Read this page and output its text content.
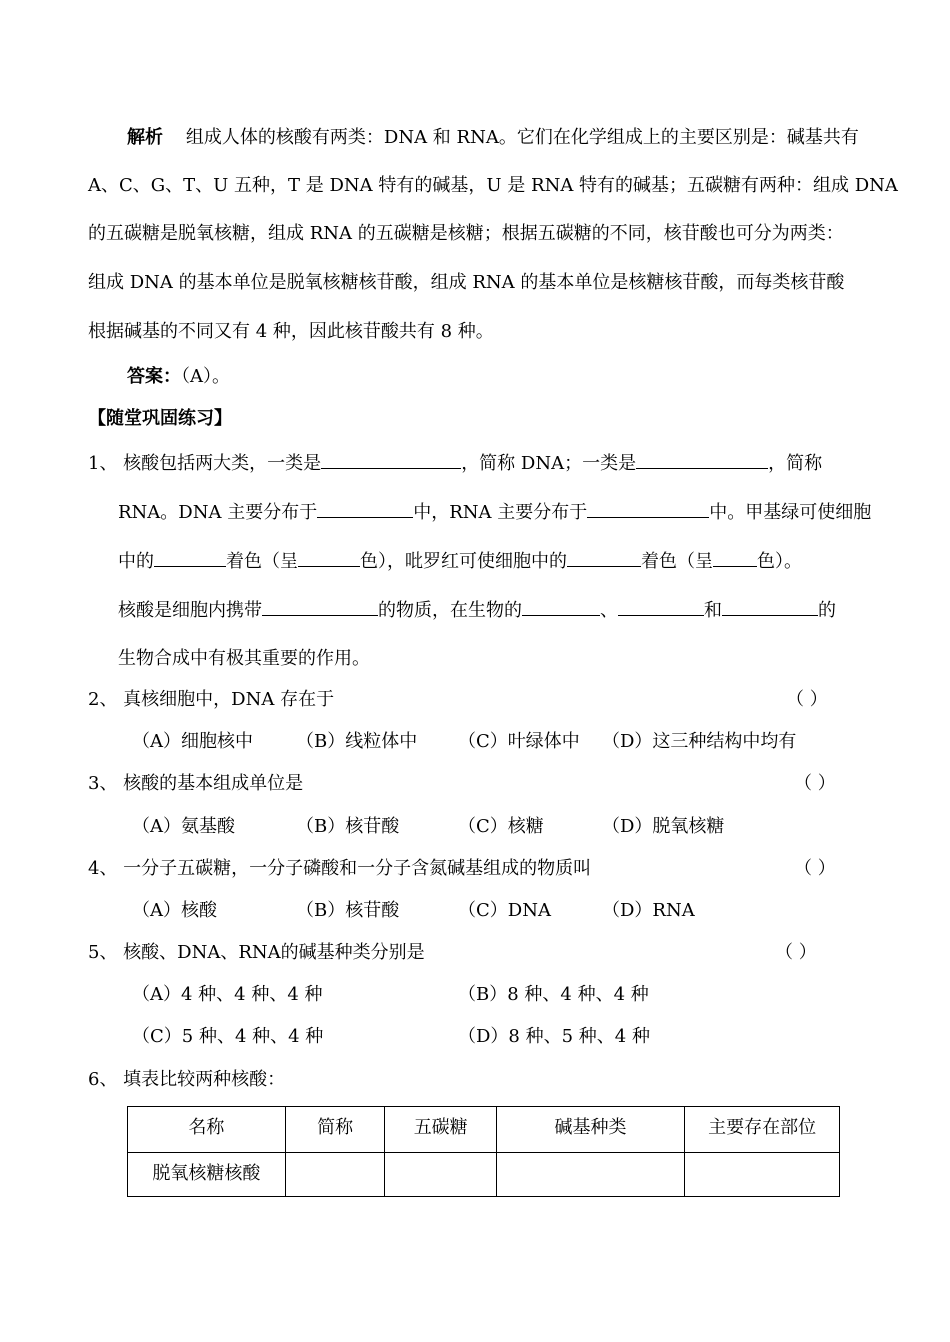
解析 组成人体的核酸有两类：DNA 和 RNA。它们在化学组成上的主要区别是：碱基共有
A、C、G、T、U 五种，T 是 DNA 特有的碱基，U 是 RNA 特有的碱基；五碳糖有两种：组成 DNA
的五碳糖是脱氧核糖，组成 RNA 的五碳糖是核糖；根据五碳糖的不同，核苷酸也可分为两类：
组成 DNA 的基本单位是脱氧核糖核苷酸，组成 RNA 的基本单位是核糖核苷酸，而每类核苷酸
根据碱基的不同又有 4 种，因此核苷酸共有 8 种。
答案：（A）。
【随堂巩固练习】
1、 核酸包括两大类，一类是	，简称 DNA；一类是	，简称
RNA。DNA 主要分布于	中，RNA 主要分布于	中。甲基绿可使细胞
中的	着色（呈	色），吡罗红可使细胞中的	着色（呈 色）。
核酸是细胞内携带	的物质，在生物的	、	和	的
生物合成中有极其重要的作用。
2、 真核细胞中，DNA 存在于	（ ）
（A）细胞核中 （B）线粒体中 （C）叶绿体中 （D）这三种结构中均有
3、 核酸的基本组成单位是	（ ）
（A）氨基酸	（B）核苷酸	（C）核糖	（D）脱氧核糖
4、 一分子五碳糖，一分子磷酸和一分子含氮碱基组成的物质叫	（ ）
（A）核酸	（B）核苷酸	（C）DNA	（D）RNA
5、 核酸、DNA、RNA的碱基种类分别是	（ ）
（A）4 种、4 种、4 种	（B）8 种、4 种、4 种
（C）5 种、4 种、4 种	（D）8 种、5 种、4 种
6、 填表比较两种核酸：
名称	简称	五碳糖	碱基种类	主要存在部位
脱氧核糖核酸				
